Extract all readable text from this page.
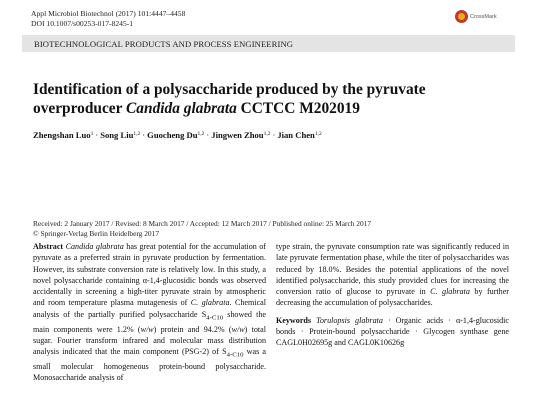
Appl Microbiol Biotechnol (2017) 101:4447–4458
DOI 10.1007/s00253-017-8245-1
CrossMark
BIOTECHNOLOGICAL PRODUCTS AND PROCESS ENGINEERING
Identification of a polysaccharide produced by the pyruvate overproducer Candida glabrata CCTCC M202019
Zhengshan Luo$^1$ · Song Liu$^{1,2}$ · Guocheng Du$^{1,2}$ · Jingwen Zhou$^{1,2}$ · Jian Chen$^{1,2}$
Received: 2 January 2017 / Revised: 8 March 2017 / Accepted: 12 March 2017 / Published online: 25 March 2017
© Springer-Verlag Berlin Heidelberg 2017

Abstract Candida glabrata has great potential for the accumulation of pyruvate as a preferred strain in pyruvate production by fermentation. However, its substrate conversion rate is relatively low. In this study, a novel polysaccharide containing α-1,4-glucosidic bonds was observed accidentally in screening a high-titer pyruvate strain by atmospheric and room temperature plasma mutagenesis of C. glabrata. Chemical analysis of the partially purified polysaccharide $S_{4-C10}$ showed the main components were 1.2% (w/w) protein and 94.2% (w/w) total sugar. Fourier transform infrared and molecular mass distribution analysis indicated that the main component (PSG-2) of $S_{4-C10}$ was a small molecular homogeneous protein-bound polysaccharide. Monosaccharide analysis of

type strain, the pyruvate consumption rate was significantly reduced in late pyruvate fermentation phase, while the titer of polysaccharides was reduced by 18.0%. Besides the potential applications of the novel identified polysaccharide, this study provided clues for increasing the conversion ratio of glucose to pyruvate in C. glabrata by further decreasing the accumulation of polysaccharides.

Keywords Torulopsis glabrata · Organic acids · α-1,4-glucosidic bonds · Protein-bound polysaccharide · Glycogen synthase gene CAGL0H02695g and CAGL0K10626g
